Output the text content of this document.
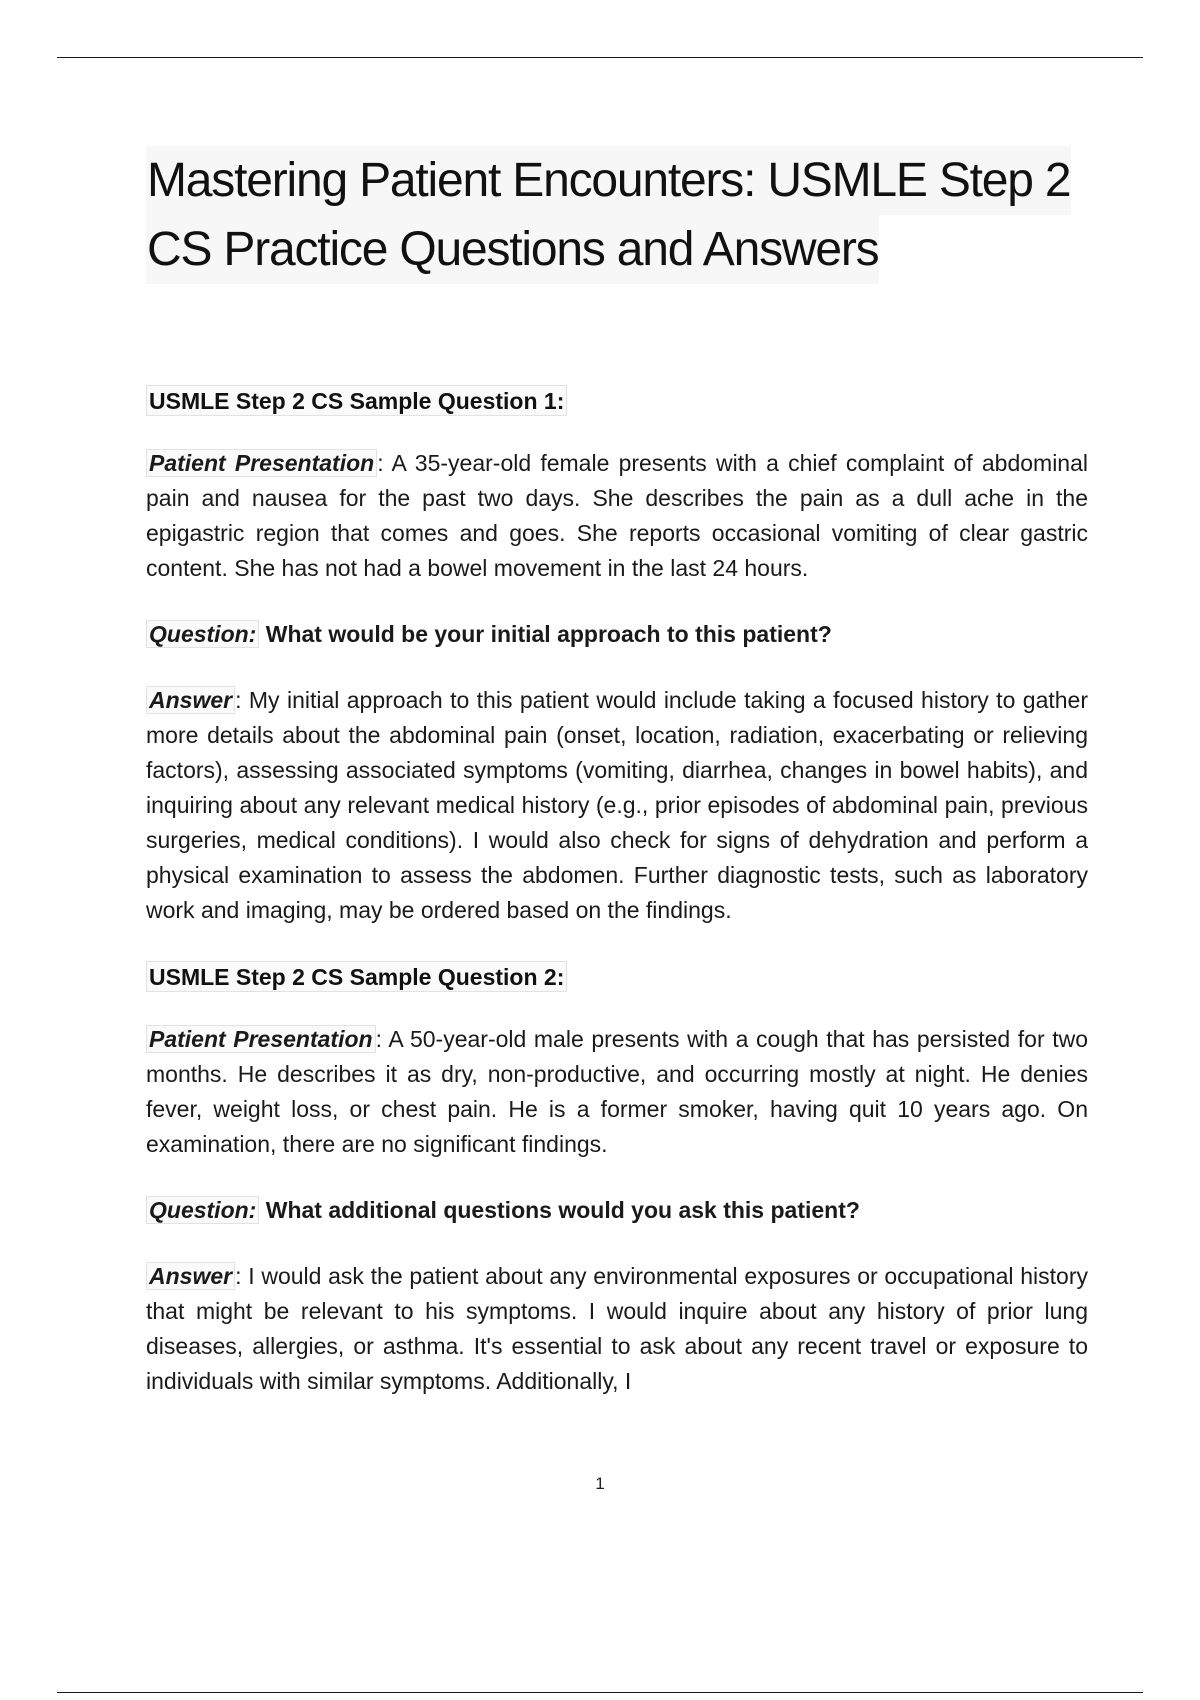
Mastering Patient Encounters: USMLE Step 2
CS Practice Questions and Answers
USMLE Step 2 CS Sample Question 1:

Patient Presentation : A 35-year-old female presents with a chief complaint of abdominal pain and nausea for the past two days. She describes the pain as a dull ache in the epigastric region that comes and goes. She reports occasional vomiting of clear gastric content. She has not had a bowel movement in the last 24 hours.

Question: What would be your initial approach to this patient?

Answer : My initial approach to this patient would include taking a focused history to gather more details about the abdominal pain (onset, location, radiation, exacerbating or relieving factors), assessing associated symptoms (vomiting, diarrhea, changes in bowel habits), and inquiring about any relevant medical history (e.g., prior episodes of abdominal pain, previous surgeries, medical conditions). I would also check for signs of dehydration and perform a physical examination to assess the abdomen. Further diagnostic tests, such as laboratory work and imaging, may be ordered based on the findings.

USMLE Step 2 CS Sample Question 2:

Patient Presentation : A 50-year-old male presents with a cough that has persisted for two months. He describes it as dry, non-productive, and occurring mostly at night. He denies fever, weight loss, or chest pain. He is a former smoker, having quit 10 years ago. On examination, there are no significant findings.

Question: What additional questions would you ask this patient?

Answer : I would ask the patient about any environmental exposures or occupational history that might be relevant to his symptoms. I would inquire about any history of prior lung diseases, allergies, or asthma. It's essential to ask about any recent travel or exposure to individuals with similar symptoms. Additionally, I

1
